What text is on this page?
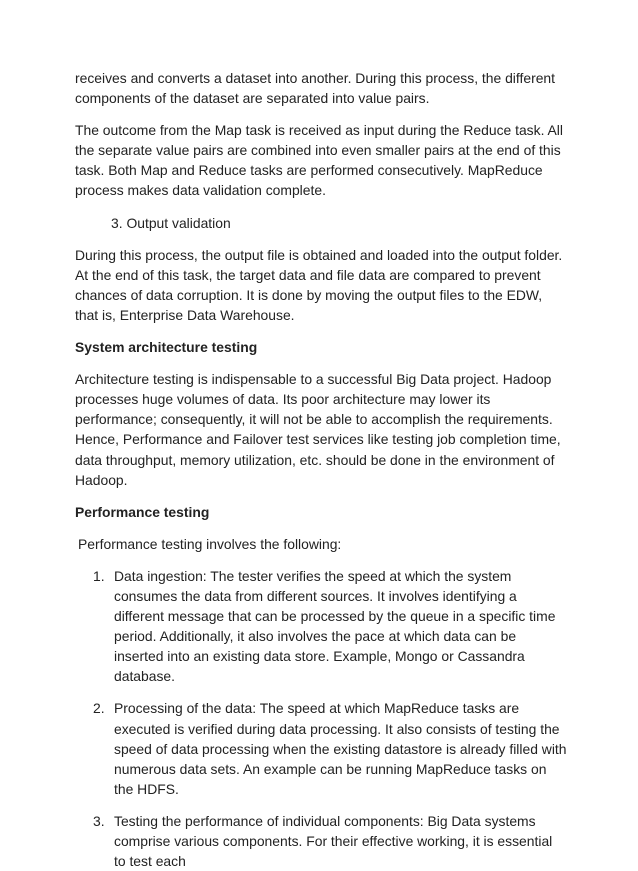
receives and converts a dataset into another. During this process, the different components of the dataset are separated into value pairs.

The outcome from the Map task is received as input during the Reduce task. All the separate value pairs are combined into even smaller pairs at the end of this task. Both Map and Reduce tasks are performed consecutively. MapReduce process makes data validation complete.

3. Output validation

During this process, the output file is obtained and loaded into the output folder. At the end of this task, the target data and file data are compared to prevent chances of data corruption. It is done by moving the output files to the EDW, that is, Enterprise Data Warehouse.

System architecture testing

Architecture testing is indispensable to a successful Big Data project. Hadoop processes huge volumes of data. Its poor architecture may lower its performance; consequently, it will not be able to accomplish the requirements. Hence, Performance and Failover test services like testing job completion time, data throughput, memory utilization, etc. should be done in the environment of Hadoop.

Performance testing

Performance testing involves the following:

1. Data ingestion: The tester verifies the speed at which the system consumes the data from different sources. It involves identifying a different message that can be processed by the queue in a specific time period. Additionally, it also involves the pace at which data can be inserted into an existing data store. Example, Mongo or Cassandra database.
2. Processing of the data: The speed at which MapReduce tasks are executed is verified during data processing. It also consists of testing the speed of data processing when the existing datastore is already filled with numerous data sets. An example can be running MapReduce tasks on the HDFS.
3. Testing the performance of individual components: Big Data systems comprise various components. For their effective working, it is essential to test each
